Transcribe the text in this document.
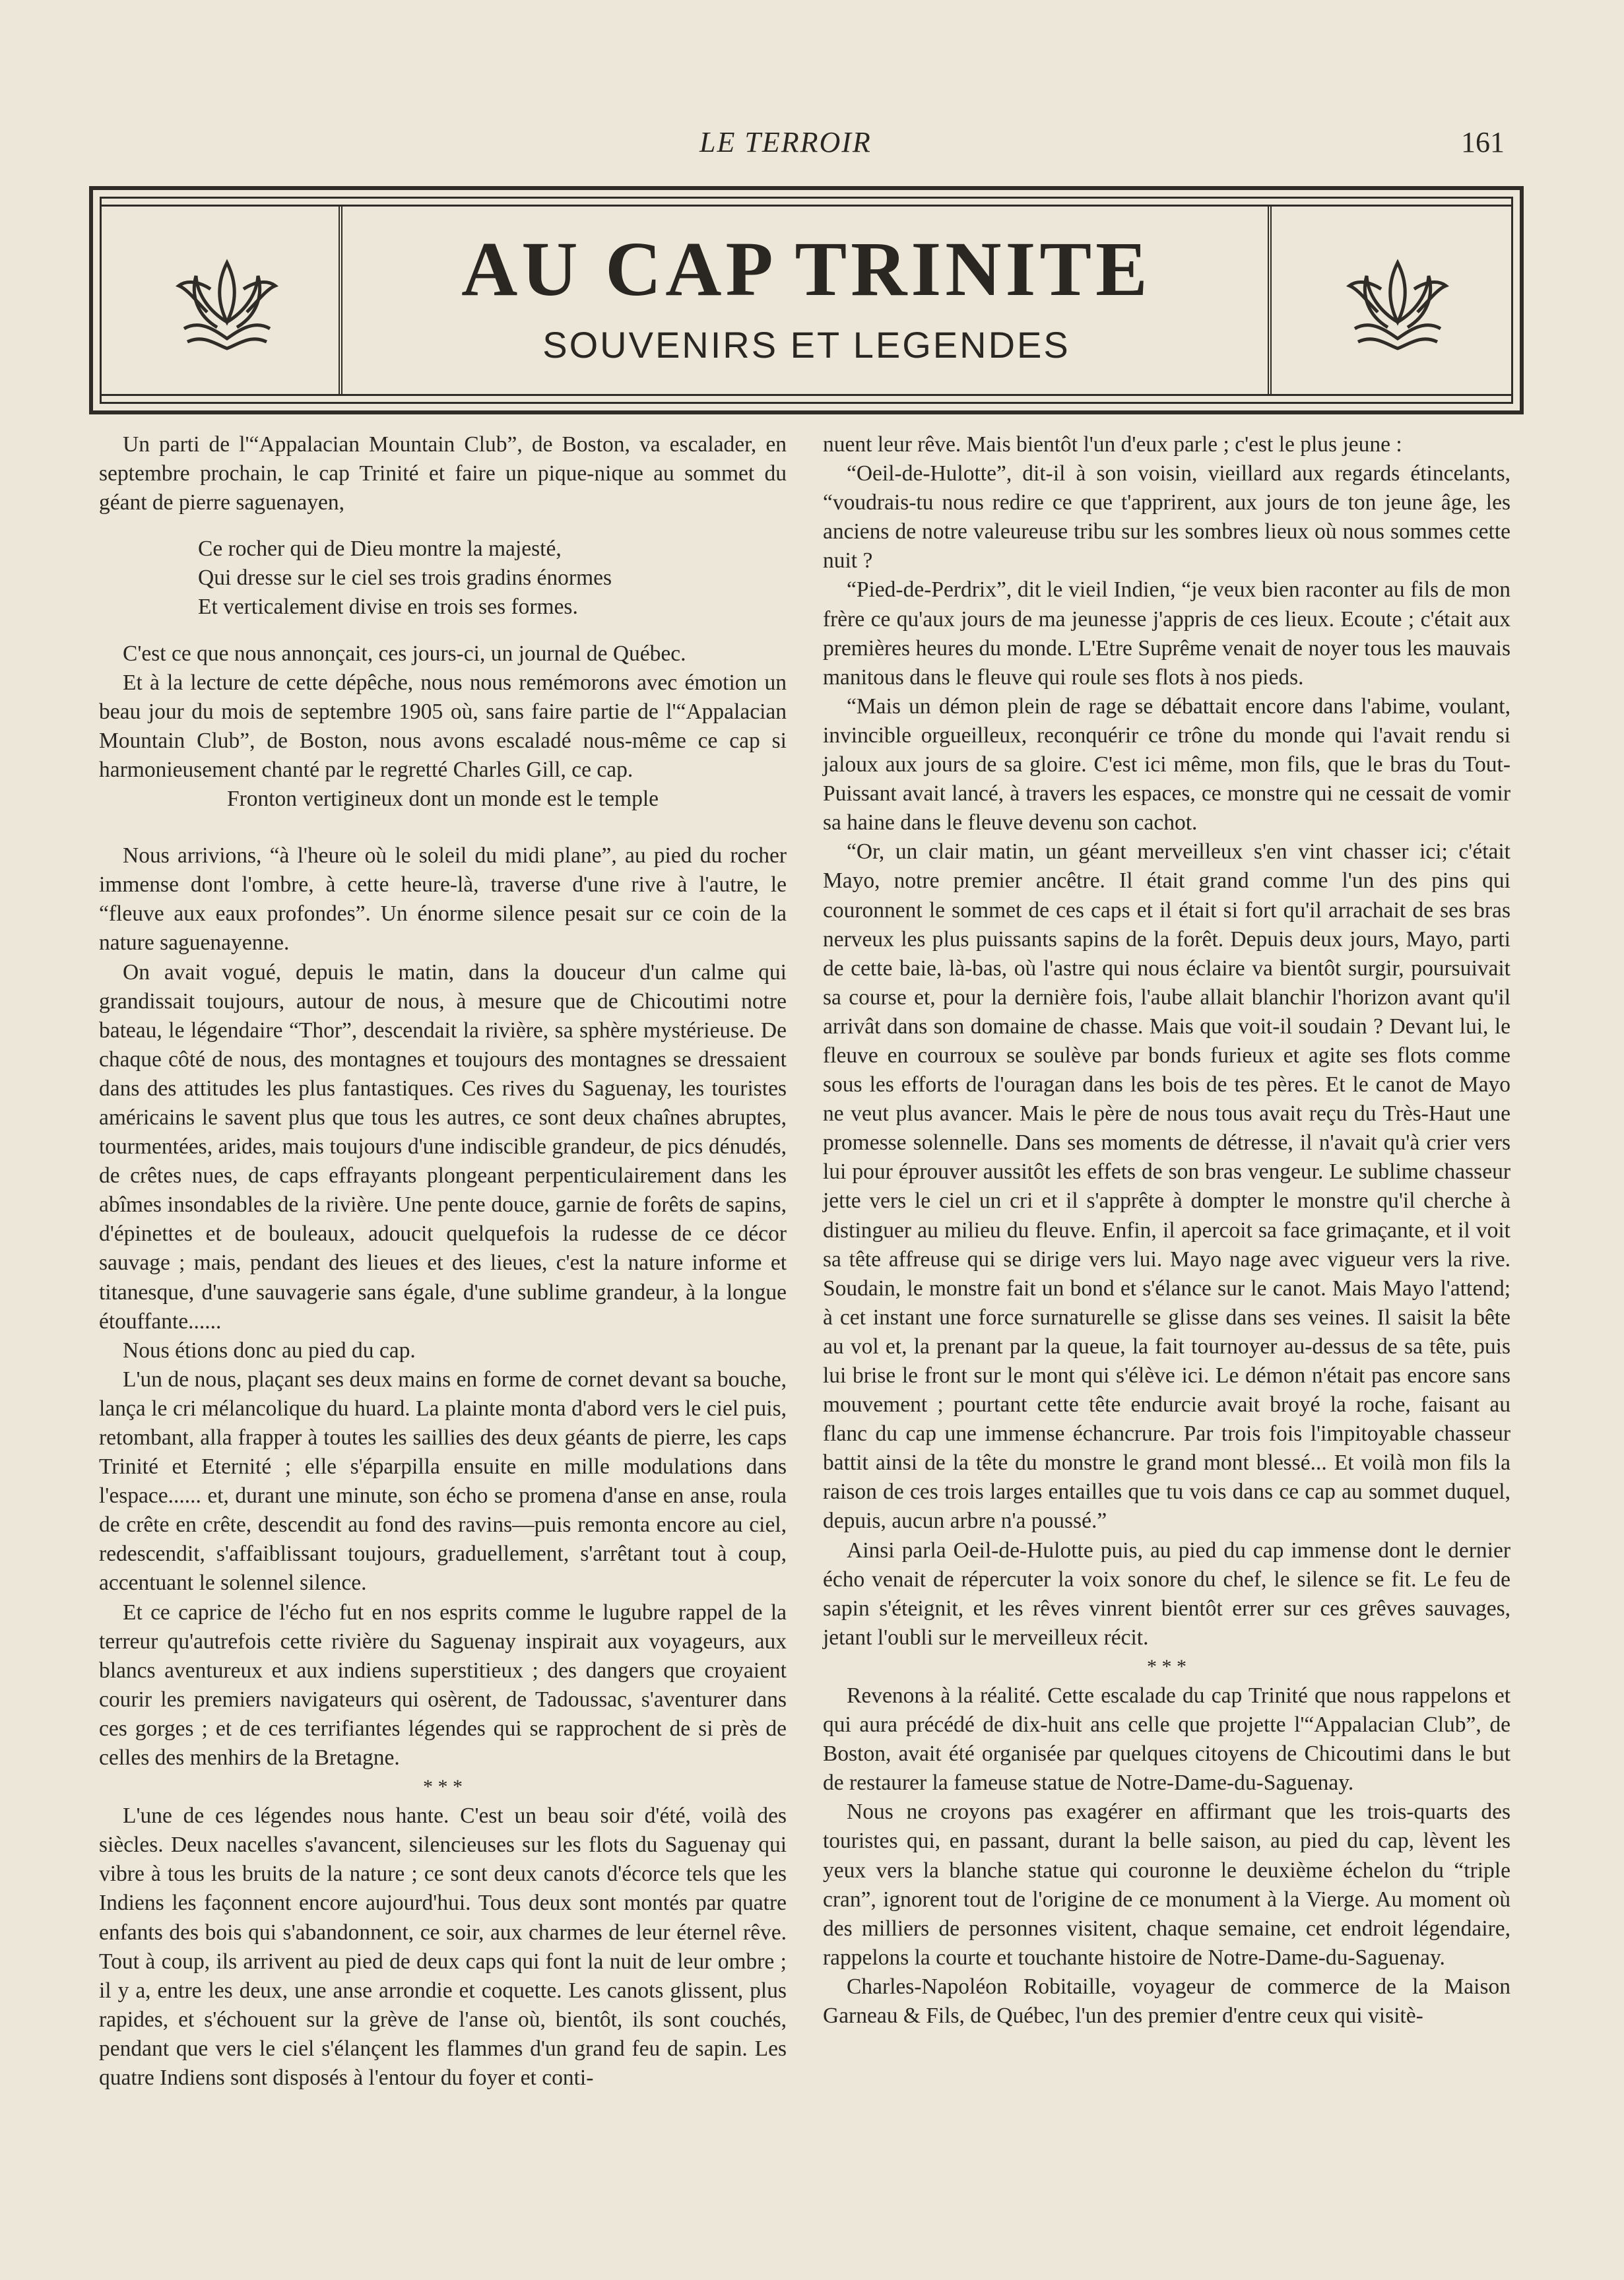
LE TERROIR	161
AU CAP TRINITE
SOUVENIRS ET LEGENDES

Un parti de l'“Appalacian Mountain Club”, de Boston, va escalader, en septembre prochain, le cap Trinité et faire un pique-nique au sommet du géant de pierre saguenayen,

Ce rocher qui de Dieu montre la majesté,
Qui dresse sur le ciel ses trois gradins énormes
Et verticalement divise en trois ses formes.

C'est ce que nous annonçait, ces jours-ci, un journal de Québec.

Et à la lecture de cette dépêche, nous nous remémorons avec émotion un beau jour du mois de septembre 1905 où, sans faire partie de l'“Appalacian Mountain Club”, de Boston, nous avons escaladé nous-même ce cap si harmonieusement chanté par le regretté Charles Gill, ce cap.

Fronton vertigineux dont un monde est le temple

Nous arrivions, “à l'heure où le soleil du midi plane”, au pied du rocher immense dont l'ombre, à cette heure-là, traverse d'une rive à l'autre, le “fleuve aux eaux profondes”. Un énorme silence pesait sur ce coin de la nature saguenayenne.

On avait vogué, depuis le matin, dans la douceur d'un calme qui grandissait toujours, autour de nous, à mesure que de Chicoutimi notre bateau, le légendaire “Thor”, descendait la rivière, sa sphère mystérieuse. De chaque côté de nous, des montagnes et toujours des montagnes se dressaient dans des attitudes les plus fantastiques. Ces rives du Saguenay, les touristes américains le savent plus que tous les autres, ce sont deux chaînes abruptes, tourmentées, arides, mais toujours d'une indiscible grandeur, de pics dénudés, de crêtes nues, de caps effrayants plongeant perpenticulairement dans les abîmes insondables de la rivière. Une pente douce, garnie de forêts de sapins, d'épinettes et de bouleaux, adoucit quelquefois la rudesse de ce décor sauvage ; mais, pendant des lieues et des lieues, c'est la nature informe et titanesque, d'une sauvagerie sans égale, d'une sublime grandeur, à la longue étouffante......

Nous étions donc au pied du cap.

L'un de nous, plaçant ses deux mains en forme de cornet devant sa bouche, lança le cri mélancolique du huard. La plainte monta d'abord vers le ciel puis, retombant, alla frapper à toutes les saillies des deux géants de pierre, les caps Trinité et Eternité ; elle s'éparpilla ensuite en mille modulations dans l'espace...... et, durant une minute, son écho se promena d'anse en anse, roula de crête en crête, descendit au fond des ravins—puis remonta encore au ciel, redescendit, s'affaiblissant toujours, graduellement, s'arrêtant tout à coup, accentuant le solennel silence.

Et ce caprice de l'écho fut en nos esprits comme le lugubre rappel de la terreur qu'autrefois cette rivière du Saguenay inspirait aux voyageurs, aux blancs aventureux et aux indiens superstitieux ; des dangers que croyaient courir les premiers navigateurs qui osèrent, de Tadoussac, s'aventurer dans ces gorges ; et de ces terrifiantes légendes qui se rapprochent de si près de celles des menhirs de la Bretagne.

* * *

L'une de ces légendes nous hante. C'est un beau soir d'été, voilà des siècles. Deux nacelles s'avancent, silencieuses sur les flots du Saguenay qui vibre à tous les bruits de la nature ; ce sont deux canots d'écorce tels que les Indiens les façonnent encore aujourd'hui. Tous deux sont montés par quatre enfants des bois qui s'abandonnent, ce soir, aux charmes de leur éternel rêve. Tout à coup, ils arrivent au pied de deux caps qui font la nuit de leur ombre ; il y a, entre les deux, une anse arrondie et coquette. Les canots glissent, plus rapides, et s'échouent sur la grève de l'anse où, bientôt, ils sont couchés, pendant que vers le ciel s'élançent les flammes d'un grand feu de sapin. Les quatre Indiens sont disposés à l'entour du foyer et conti-

nuent leur rêve. Mais bientôt l'un d'eux parle ; c'est le plus jeune :

“Oeil-de-Hulotte”, dit-il à son voisin, vieillard aux regards étincelants, “voudrais-tu nous redire ce que t'apprirent, aux jours de ton jeune âge, les anciens de notre valeureuse tribu sur les sombres lieux où nous sommes cette nuit ?

“Pied-de-Perdrix”, dit le vieil Indien, “je veux bien raconter au fils de mon frère ce qu'aux jours de ma jeunesse j'appris de ces lieux. Ecoute ; c'était aux premières heures du monde. L'Etre Suprême venait de noyer tous les mauvais manitous dans le fleuve qui roule ses flots à nos pieds.

“Mais un démon plein de rage se débattait encore dans l'abime, voulant, invincible orgueilleux, reconquérir ce trône du monde qui l'avait rendu si jaloux aux jours de sa gloire. C'est ici même, mon fils, que le bras du Tout-Puissant avait lancé, à travers les espaces, ce monstre qui ne cessait de vomir sa haine dans le fleuve devenu son cachot.

“Or, un clair matin, un géant merveilleux s'en vint chasser ici; c'était Mayo, notre premier ancêtre. Il était grand comme l'un des pins qui couronnent le sommet de ces caps et il était si fort qu'il arrachait de ses bras nerveux les plus puissants sapins de la forêt. Depuis deux jours, Mayo, parti de cette baie, là-bas, où l'astre qui nous éclaire va bientôt surgir, poursuivait sa course et, pour la dernière fois, l'aube allait blanchir l'horizon avant qu'il arrivât dans son domaine de chasse. Mais que voit-il soudain ? Devant lui, le fleuve en courroux se soulève par bonds furieux et agite ses flots comme sous les efforts de l'ouragan dans les bois de tes pères. Et le canot de Mayo ne veut plus avancer. Mais le père de nous tous avait reçu du Très-Haut une promesse solennelle. Dans ses moments de détresse, il n'avait qu'à crier vers lui pour éprouver aussitôt les effets de son bras vengeur. Le sublime chasseur jette vers le ciel un cri et il s'apprête à dompter le monstre qu'il cherche à distinguer au milieu du fleuve. Enfin, il apercoit sa face grimaçante, et il voit sa tête affreuse qui se dirige vers lui. Mayo nage avec vigueur vers la rive. Soudain, le monstre fait un bond et s'élance sur le canot. Mais Mayo l'attend; à cet instant une force surnaturelle se glisse dans ses veines. Il saisit la bête au vol et, la prenant par la queue, la fait tournoyer au-dessus de sa tête, puis lui brise le front sur le mont qui s'élève ici. Le démon n'était pas encore sans mouvement ; pourtant cette tête endurcie avait broyé la roche, faisant au flanc du cap une immense échancrure. Par trois fois l'impitoyable chasseur battit ainsi de la tête du monstre le grand mont blessé... Et voilà mon fils la raison de ces trois larges entailles que tu vois dans ce cap au sommet duquel, depuis, aucun arbre n'a poussé.”

Ainsi parla Oeil-de-Hulotte puis, au pied du cap immense dont le dernier écho venait de répercuter la voix sonore du chef, le silence se fit. Le feu de sapin s'éteignit, et les rêves vinrent bientôt errer sur ces grêves sauvages, jetant l'oubli sur le merveilleux récit.

* * *

Revenons à la réalité. Cette escalade du cap Trinité que nous rappelons et qui aura précédé de dix-huit ans celle que projette l'“Appalacian Club”, de Boston, avait été organisée par quelques citoyens de Chicoutimi dans le but de restaurer la fameuse statue de Notre-Dame-du-Saguenay.

Nous ne croyons pas exagérer en affirmant que les trois-quarts des touristes qui, en passant, durant la belle saison, au pied du cap, lèvent les yeux vers la blanche statue qui couronne le deuxième échelon du “triple cran”, ignorent tout de l'origine de ce monument à la Vierge. Au moment où des milliers de personnes visitent, chaque semaine, cet endroit légendaire, rappelons la courte et touchante histoire de Notre-Dame-du-Saguenay.

Charles-Napoléon Robitaille, voyageur de commerce de la Maison Garneau & Fils, de Québec, l'un des premier d'entre ceux qui visitè-
